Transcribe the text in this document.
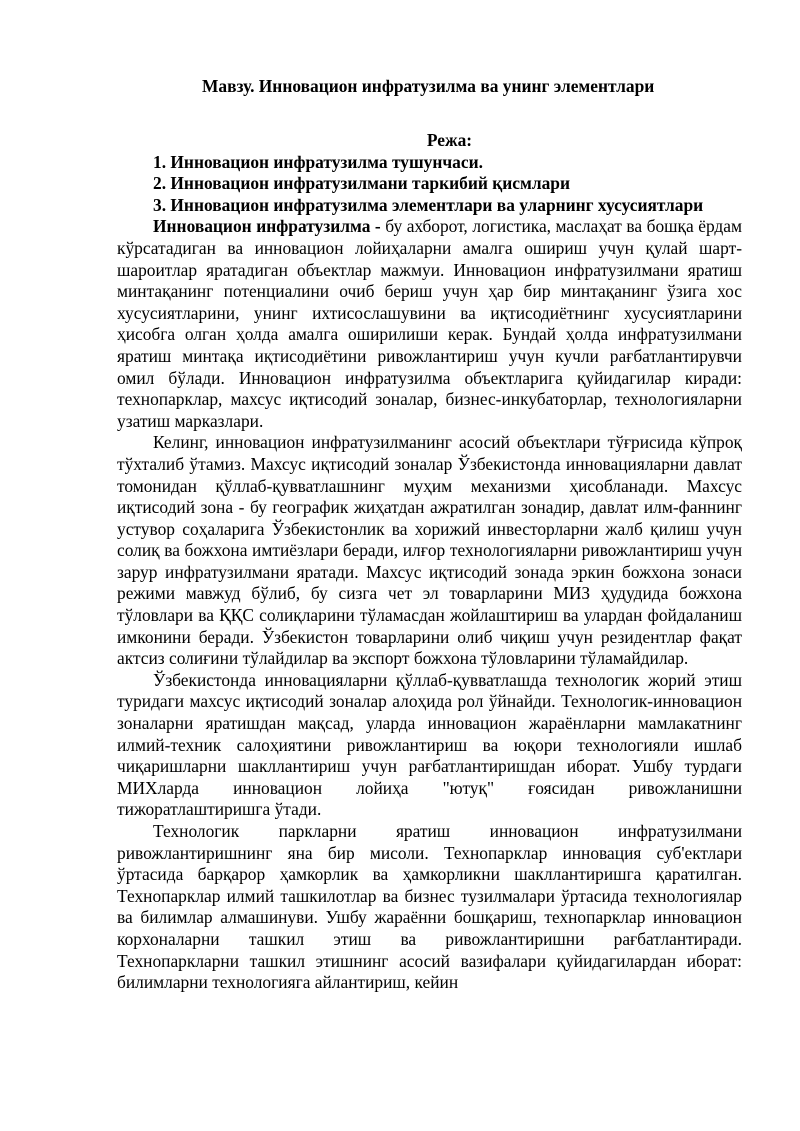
Мавзу. Инновацион инфратузилма ва унинг элементлари

Режа:

1. Инновацион инфратузилма тушунчаси.

2. Инновацион инфратузилмани таркибий қисмлари

3. Инновацион инфратузилма элементлари ва уларнинг хусусиятлари

Инновацион инфратузилма - бу ахборот, логистика, маслаҳат ва бошқа ёрдам кўрсатадиган ва инновацион лойиҳаларни амалга ошириш учун қулай шарт-шароитлар яратадиган объектлар мажмуи. Инновацион инфратузилмани яратиш минтақанинг потенциалини очиб бериш учун ҳар бир минтақанинг ўзига хос хусусиятларини, унинг ихтисослашувини ва иқтисодиётнинг хусусиятларини ҳисобга олган ҳолда амалга оширилиши керак. Бундай ҳолда инфратузилмани яратиш минтақа иқтисодиётини ривожлантириш учун кучли рағбатлантирувчи омил бўлади. Инновацион инфратузилма объектларига қуйидагилар киради: технопарклар, махсус иқтисодий зоналар, бизнес-инкубаторлар, технологияларни узатиш марказлари.

Келинг, инновацион инфратузилманинг асосий объектлари тўғрисида кўпроқ тўхталиб ўтамиз. Махсус иқтисодий зоналар Ўзбекистонда инновацияларни давлат томонидан қўллаб-қувватлашнинг муҳим механизми ҳисобланади. Махсус иқтисодий зона - бу географик жиҳатдан ажратилган зонадир, давлат илм-фаннинг устувор соҳаларига Ўзбекистонлик ва хорижий инвесторларни жалб қилиш учун солиқ ва божхона имтиёзлари беради, илғор технологияларни ривожлантириш учун зарур инфратузилмани яратади. Махсус иқтисодий зонада эркин божхона зонаси режими мавжуд бўлиб, бу сизга чет эл товарларини МИЗ ҳудудида божхона тўловлари ва ҚҚС солиқларини тўламасдан жойлаштириш ва улардан фойдаланиш имконини беради. Ўзбекистон товарларини олиб чиқиш учун резидентлар фақат актсиз солиғини тўлайдилар ва экспорт божхона тўловларини тўламайдилар.

Ўзбекистонда инновацияларни қўллаб-қувватлашда технологик жорий этиш туридаги махсус иқтисодий зоналар алоҳида рол ўйнайди. Технологик-инновацион зоналарни яратишдан мақсад, уларда инновацион жараёнларни мамлакатнинг илмий-техник салоҳиятини ривожлантириш ва юқори технологияли ишлаб чиқаришларни шакллантириш учун рағбатлантиришдан иборат. Ушбу турдаги МИХларда инновацион лойиҳа "ютуқ" ғоясидан ривожланишни тижоратлаштиришга ўтади.

Технологик паркларни яратиш инновацион инфратузилмани ривожлантиришнинг яна бир мисоли. Технопарклар инновация суб'ектлари ўртасида барқарор ҳамкорлик ва ҳамкорликни шакллантиришга қаратилган. Технопарклар илмий ташкилотлар ва бизнес тузилмалари ўртасида технологиялар ва билимлар алмашинуви. Ушбу жараённи бошқариш, технопарклар инновацион корхоналарни ташкил этиш ва ривожлантиришни рағбатлантиради. Технопаркларни ташкил этишнинг асосий вазифалари қуйидагилардан иборат: билимларни технологияга айлантириш, кейин
